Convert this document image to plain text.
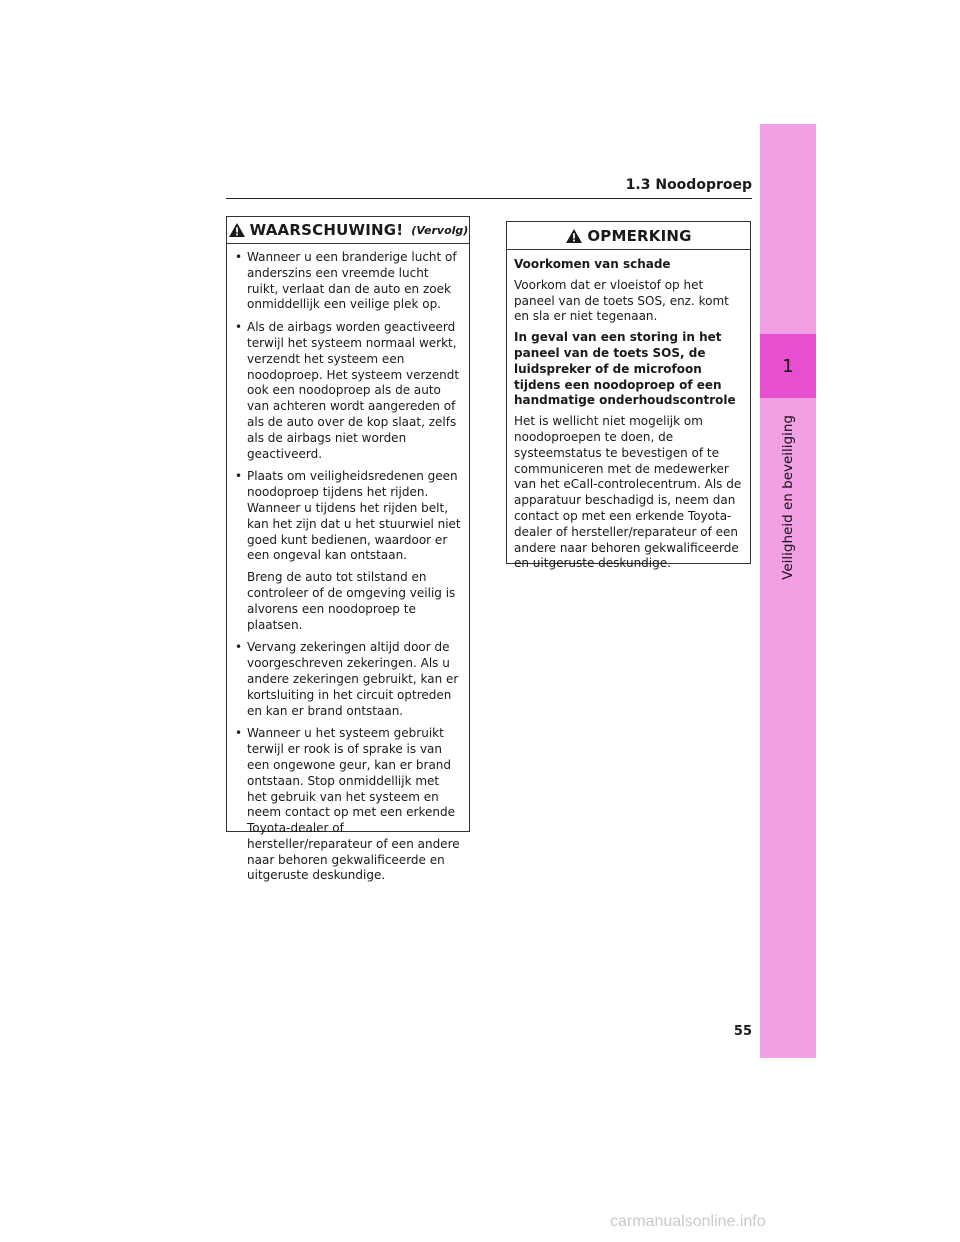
1
Veiligheid en beveiliging
1.3 Noodoproep
WAARSCHUWING! (Vervolg)
• Wanneer u een branderige lucht of anderszins een vreemde lucht ruikt, verlaat dan de auto en zoek onmiddellijk een veilige plek op.

• Als de airbags worden geactiveerd terwijl het systeem normaal werkt, verzendt het systeem een noodoproep. Het systeem verzendt ook een noodoproep als de auto van achteren wordt aangereden of als de auto over de kop slaat, zelfs als de airbags niet worden geactiveerd.

• Plaats om veiligheidsredenen geen noodoproep tijdens het rijden. Wanneer u tijdens het rijden belt, kan het zijn dat u het stuurwiel niet goed kunt bedienen, waardoor er een ongeval kan ontstaan.

Breng de auto tot stilstand en controleer of de omgeving veilig is alvorens een noodoproep te plaatsen.

• Vervang zekeringen altijd door de voorgeschreven zekeringen. Als u andere zekeringen gebruikt, kan er kortsluiting in het circuit optreden en kan er brand ontstaan.

• Wanneer u het systeem gebruikt terwijl er rook is of sprake is van een ongewone geur, kan er brand ontstaan. Stop onmiddellijk met het gebruik van het systeem en neem contact op met een erkende Toyota-dealer of hersteller/reparateur of een andere naar behoren gekwalificeerde en uitgeruste deskundige.

OPMERKING

Voorkomen van schade

Voorkom dat er vloeistof op het paneel van de toets SOS, enz. komt en sla er niet tegenaan.

In geval van een storing in het paneel van de toets SOS, de luidspreker of de microfoon tijdens een noodoproep of een handmatige onderhoudscontrole

Het is wellicht niet mogelijk om noodoproepen te doen, de systeemstatus te bevestigen of te communiceren met de medewerker van het eCall-controlecentrum. Als de apparatuur beschadigd is, neem dan contact op met een erkende Toyota-dealer of hersteller/reparateur of een andere naar behoren gekwalificeerde en uitgeruste deskundige.

55
carmanualsonline.info
